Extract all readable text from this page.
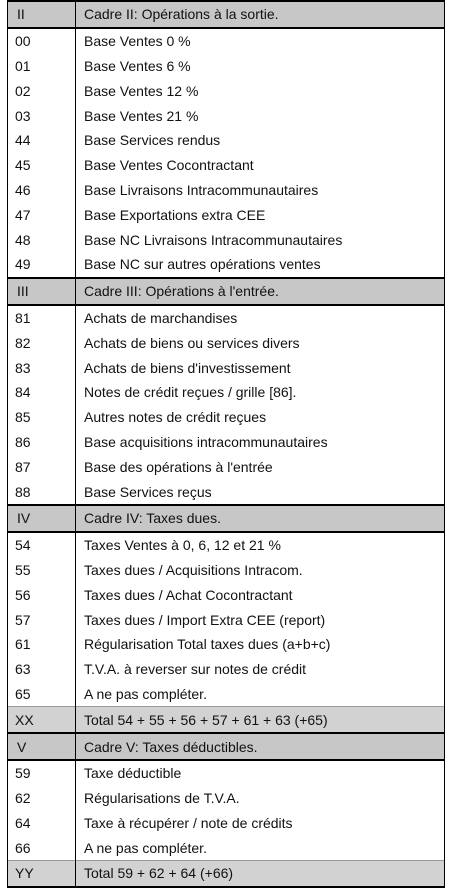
II	Cadre II: Opérations à la sortie.
00	Base Ventes 0 %
01	Base Ventes 6 %
02	Base Ventes 12 %
03	Base Ventes 21 %
44	Base Services rendus
45	Base Ventes Cocontractant
46	Base Livraisons Intracommunautaires
47	Base Exportations extra CEE
48	Base NC Livraisons Intracommunautaires
49	Base NC sur autres opérations ventes
III	Cadre III: Opérations à l'entrée.
81	Achats de marchandises
82	Achats de biens ou services divers
83	Achats de biens d'investissement
84	Notes de crédit reçues / grille [86].
85	Autres notes de crédit reçues
86	Base acquisitions intracommunautaires
87	Base des opérations à l'entrée
88	Base Services reçus
IV	Cadre IV: Taxes dues.
54	Taxes Ventes à 0, 6, 12 et 21 %
55	Taxes dues / Acquisitions Intracom.
56	Taxes dues / Achat Cocontractant
57	Taxes dues / Import Extra CEE (report)
61	Régularisation Total taxes dues (a+b+c)
63	T.V.A. à reverser sur notes de crédit
65	A ne pas compléter.
XX	Total 54 + 55 + 56 + 57 + 61 + 63 (+65)
V	Cadre V: Taxes déductibles.
59	Taxe déductible
62	Régularisations de T.V.A.
64	Taxe à récupérer / note de crédits
66	A ne pas compléter.
YY	Total 59 + 62 + 64 (+66)
